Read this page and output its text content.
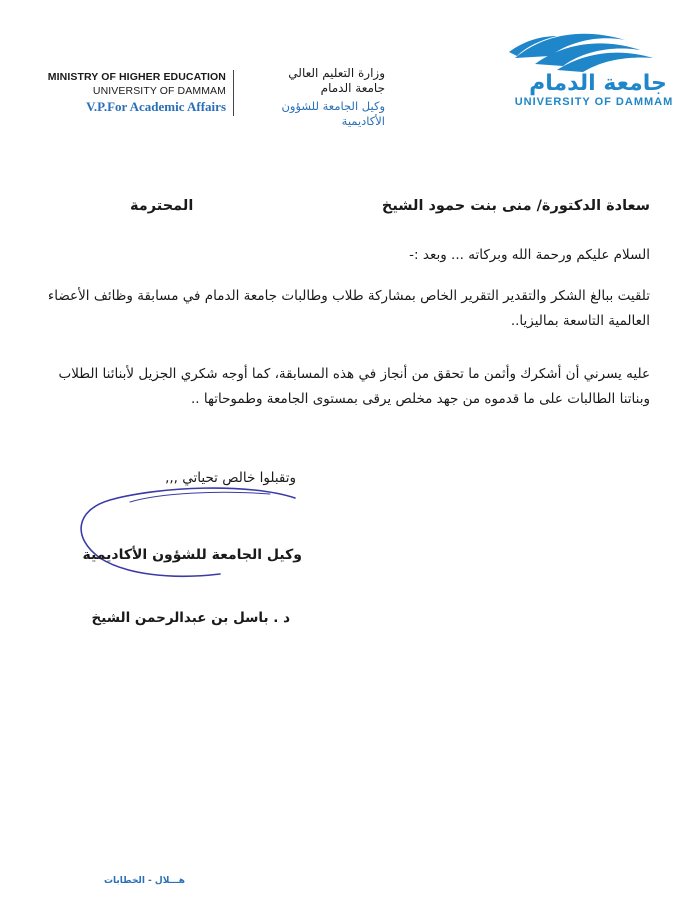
MINISTRY OF HIGHER EDUCATION
UNIVERSITY OF DAMMAM
V.P.For Academic Affairs
وزارة التعليم العالي
جامعة الدمام
وكيل الجامعة للشؤون الأكاديمية
جامعة الدمام
UNIVERSITY OF DAMMAM
سعادة الدكتورة/ منى بنت حمود الشيخ
المحترمة
السلام عليكم ورحمة الله وبركاته ... وبعد :-
تلقيت ببالغ الشكر والتقدير التقرير الخاص بمشاركة طلاب وطالبات جامعة الدمام في مسابقة وظائف الأعضاء العالمية التاسعة بماليزيا..
عليه يسرني أن أشكرك وأثمن ما تحقق من أنجاز في هذه المسابقة، كما أوجه شكري الجزيل لأبنائنا الطلاب وبناتنا الطالبات على ما قدموه من جهد مخلص يرقى بمستوى الجامعة وطموحاتها ..
وتقبلوا خالص تحياتي ,,,
وكيل الجامعة للشؤون الأكاديمية
د . باسل بن عبدالرحمن الشيخ
هـــلال - الخطابات
